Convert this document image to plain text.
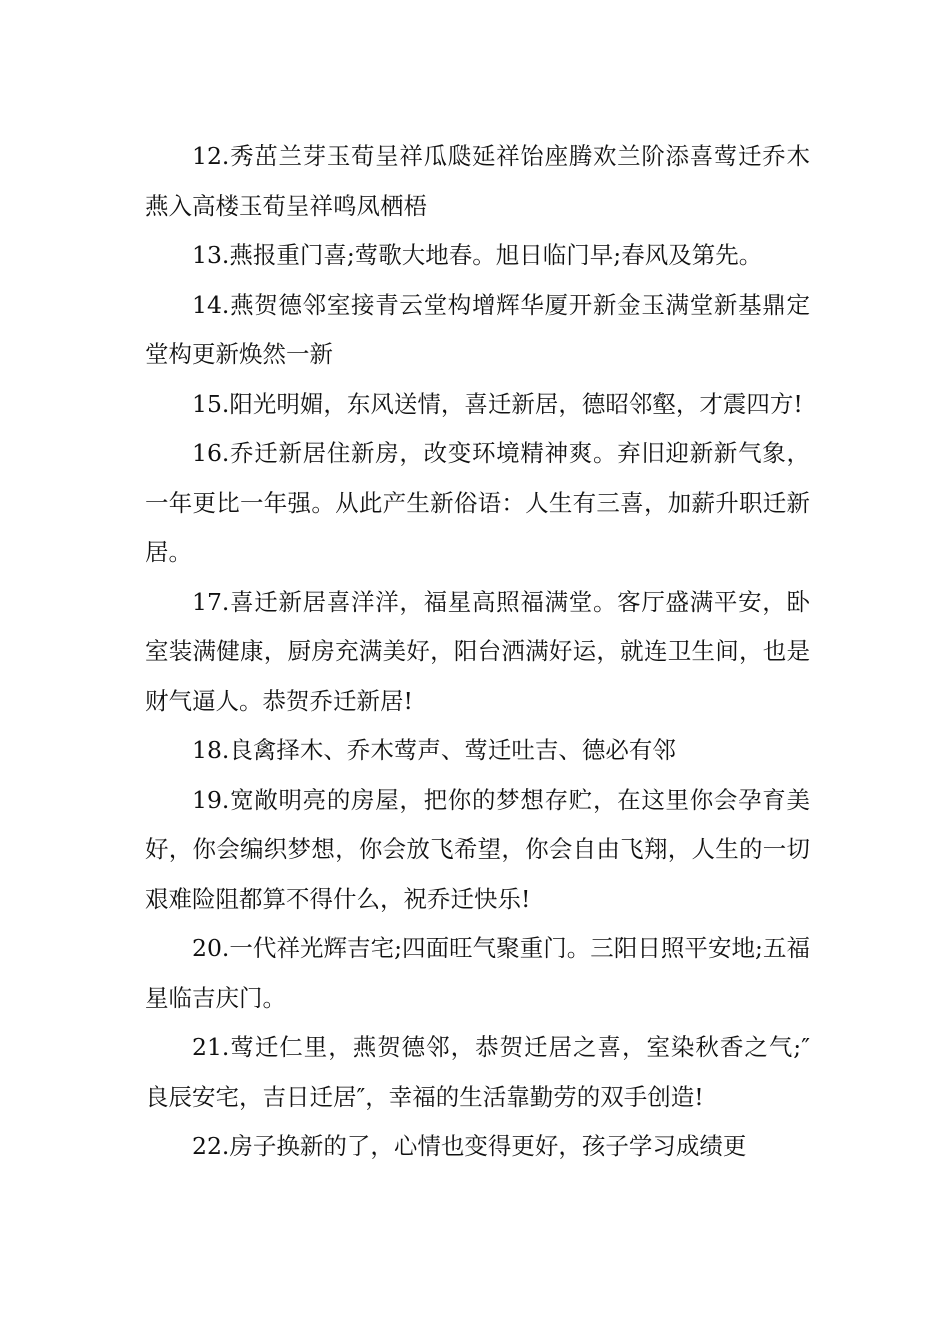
12.秀茁兰芽玉荀呈祥瓜瓞延祥饴座腾欢兰阶添喜莺迁乔木燕入高楼玉荀呈祥鸣凤栖梧

13.燕报重门喜;莺歌大地春。旭日临门早;春风及第先。

14.燕贺德邻室接青云堂构增辉华厦开新金玉满堂新基鼎定堂构更新焕然一新

15.阳光明媚，东风送情，喜迁新居，德昭邻壑，才震四方!

16.乔迁新居住新房，改变环境精神爽。弃旧迎新新气象，一年更比一年强。从此产生新俗语：人生有三喜，加薪升职迁新居。

17.喜迁新居喜洋洋，福星高照福满堂。客厅盛满平安，卧室装满健康，厨房充满美好，阳台洒满好运，就连卫生间，也是财气逼人。恭贺乔迁新居!

18.良禽择木、乔木莺声、莺迁吐吉、德必有邻

19.宽敞明亮的房屋，把你的梦想存贮，在这里你会孕育美好，你会编织梦想，你会放飞希望，你会自由飞翔，人生的一切艰难险阻都算不得什么，祝乔迁快乐!

20.一代祥光辉吉宅;四面旺气聚重门。三阳日照平安地;五福星临吉庆门。

21.莺迁仁里，燕贺德邻，恭贺迁居之喜，室染秋香之气;″良辰安宅，吉日迁居″，幸福的生活靠勤劳的双手创造!

22.房子换新的了，心情也变得更好，孩子学习成绩更
